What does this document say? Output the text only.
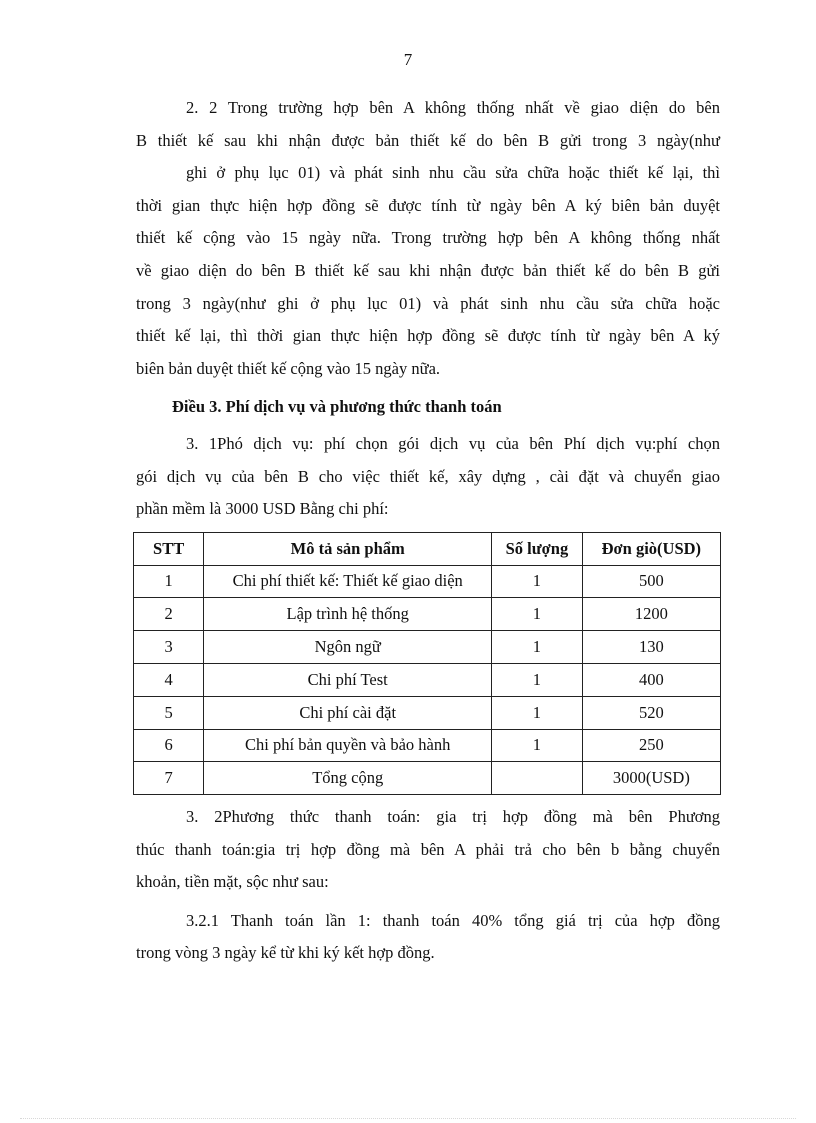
7

2. 2 Trong trường hợp bên A không thống nhất về giao diện do bên
B thiết kế sau khi nhận được bản thiết kế do bên B gửi trong 3 ngày(như
ghi ở phụ lục 01) và phát sinh nhu cầu sửa chữa hoặc thiết kế lại, thì
thời gian thực hiện hợp đồng sẽ được tính từ ngày bên A ký biên bản duyệt
thiết kế cộng vào 15 ngày nữa. Trong trường hợp bên A không thống nhất
về giao diện do bên B thiết kế sau khi nhận được bản thiết kế do bên B gửi
trong 3 ngày(như ghi ở phụ lục 01) và phát sinh nhu cầu sửa chữa hoặc
thiết kế lại, thì thời gian thực hiện hợp đồng sẽ được tính từ ngày bên A ký
biên bản duyệt thiết kế cộng vào 15 ngày nữa.

Điều 3. Phí dịch vụ và phương thức thanh toán

3. 1Phó dịch vụ: phí chọn gói dịch vụ của bên Phí dịch vụ:phí chọn
gói dịch vụ của bên B cho việc thiết kế, xây dựng , cài đặt và chuyển giao
phần mềm là 3000 USD Bằng chi phí:

STT	Mô tả sản phẩm	Số lượng	Đơn giò(USD)
1	Chi phí thiết kế: Thiết kế giao diện	1	500
2	Lập trình hệ thống	1	1200
3	Ngôn ngữ	1	130
4	Chi phí Test	1	400
5	Chi phí cài đặt	1	520
6	Chi phí bản quyền và bảo hành	1	250
7	Tổng cộng		3000(USD)

3. 2Phương thức thanh toán: gia trị hợp đồng mà bên Phương
thúc thanh toán:gia trị hợp đồng mà bên A phải trả cho bên b bằng chuyển
khoản, tiền mặt, sộc như sau:

3.2.1 Thanh toán lần 1: thanh toán 40% tổng giá trị của hợp đồng
trong vòng 3 ngày kể từ khi ký kết hợp đồng.
